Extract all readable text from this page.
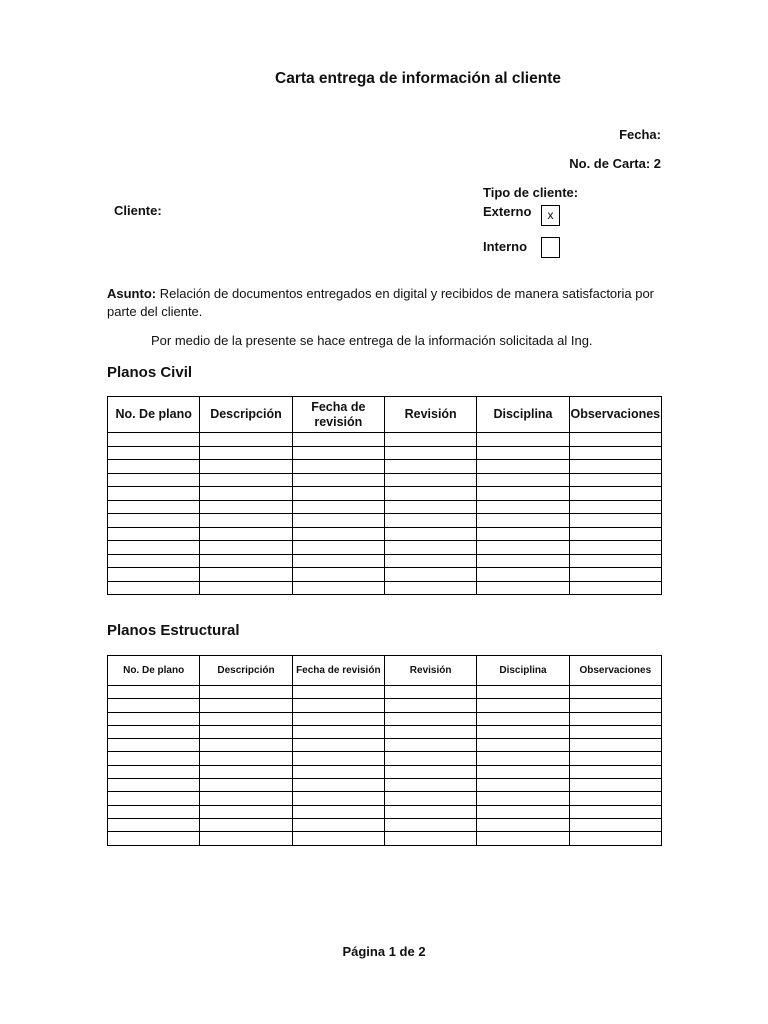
Carta entrega de información al cliente
Fecha:
No. de Carta: 2
Cliente:
Tipo de cliente:
Externo	x
Interno
Asunto: Relación de documentos entregados en digital y recibidos de manera satisfactoria por parte del cliente.
Por medio de la presente se hace entrega de la información solicitada al Ing.
Planos Civil
No. De plano	Descripción	Fecha de revisión	Revisión	Disciplina	Observaciones

Planos Estructural
No. De plano	Descripción	Fecha de revisión	Revisión	Disciplina	Observaciones

Página 1 de 2
